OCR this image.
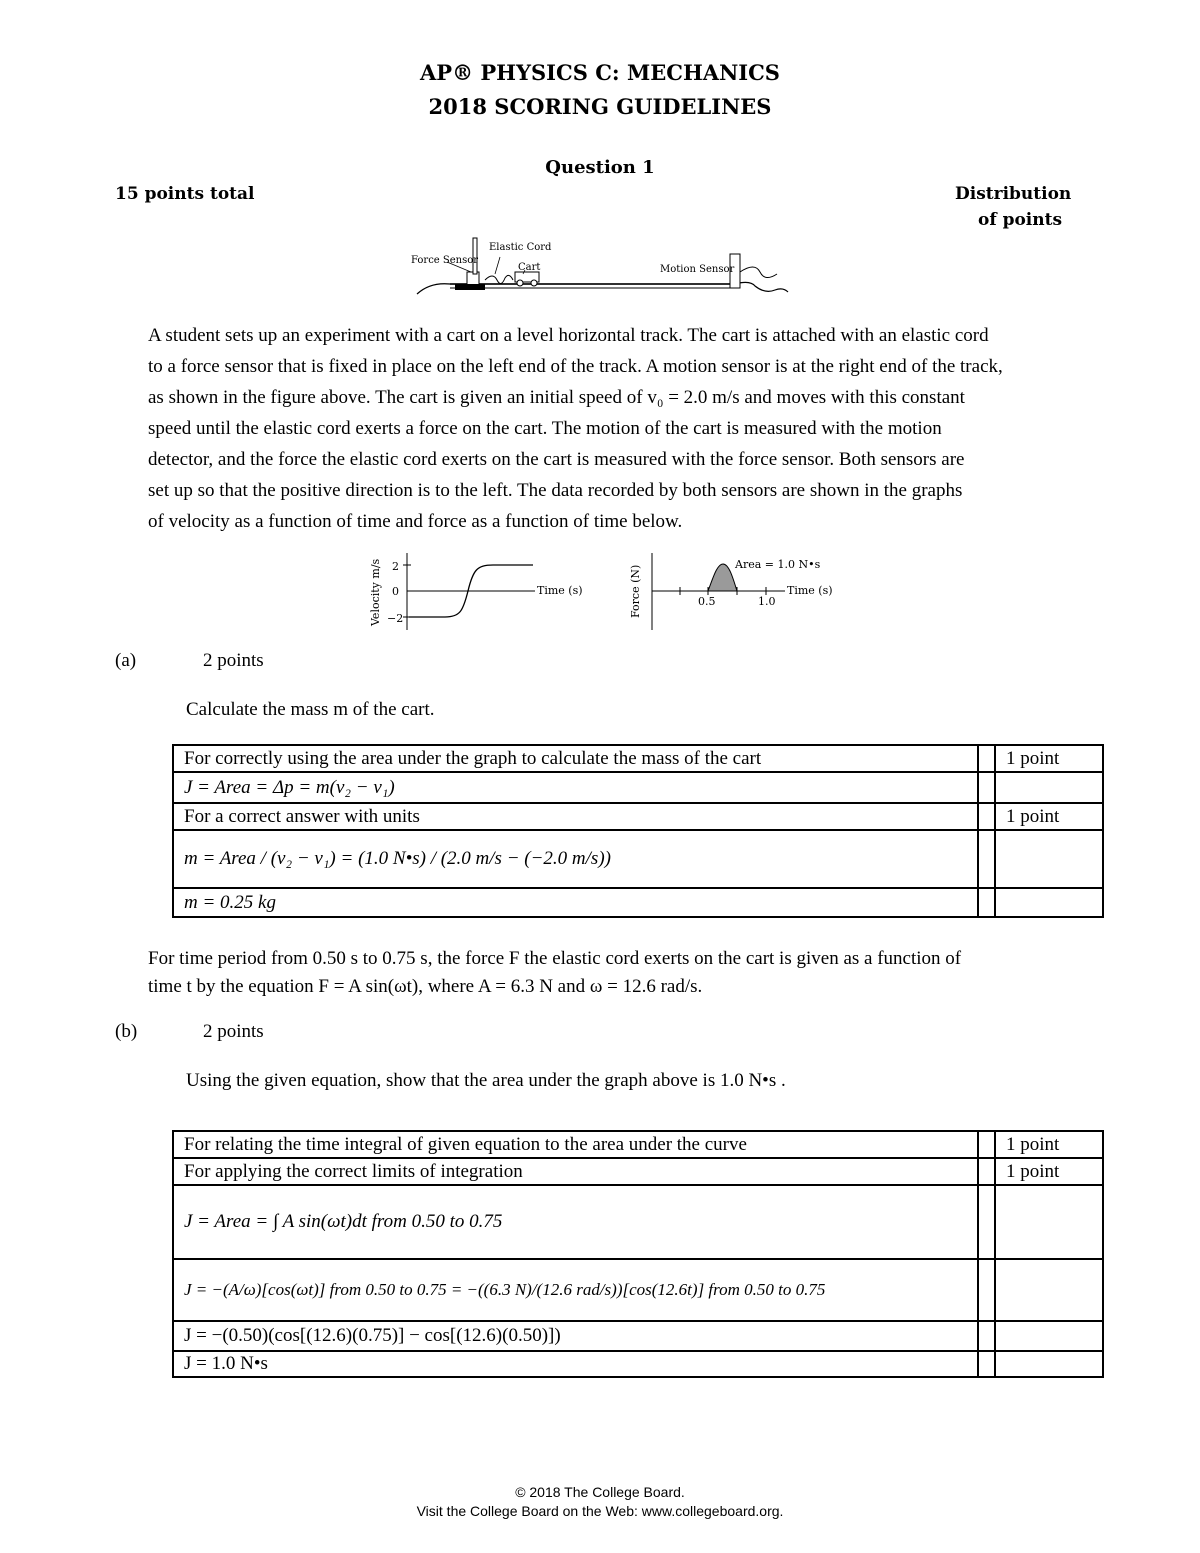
AP® PHYSICS C: MECHANICS
2018 SCORING GUIDELINES
Question 1
15 points total	Distribution
of points
Force Sensor
Elastic Cord
Cart	Motion Sensor
A student sets up an experiment with a cart on a level horizontal track. The cart is attached with an elastic cord
to a force sensor that is fixed in place on the left end of the track. A motion sensor is at the right end of the track,
as shown in the figure above. The cart is given an initial speed of v₀ = 2.0 m/s and moves with this constant
speed until the elastic cord exerts a force on the cart. The motion of the cart is measured with the motion
detector, and the force the elastic cord exerts on the cart is measured with the force sensor. Both sensors are
set up so that the positive direction is to the left. The data recorded by both sensors are shown in the graphs
of velocity as a function of time and force as a function of time below.
2
0
−2
Time (s)
Velocity m/s	0.5	1.0
Area = 1.0 N•s
Time (s)
Force (N)
(a)	2 points
Calculate the mass m of the cart.
For correctly using the area under the graph to calculate the mass of the cart		1 point
J = Area = Δp = m(v₂ − v₁)		
For a correct answer with units		1 point
m = Area / (v₂ − v₁) = (1.0 N•s) / (2.0 m/s − (−2.0 m/s))		
m = 0.25 kg		
For time period from 0.50 s to 0.75 s, the force F the elastic cord exerts on the cart is given as a function of
time t by the equation F = A sin(ωt), where A = 6.3 N and ω = 12.6 rad/s.
(b)	2 points
Using the given equation, show that the area under the graph above is 1.0 N•s .
For relating the time integral of given equation to the area under the curve		1 point
For applying the correct limits of integration		1 point
J = Area = ∫ A sin(ωt)dt from 0.50 to 0.75		
J = −(A/ω)[cos(ωt)] from 0.50 to 0.75 = −((6.3 N)/(12.6 rad/s))[cos(12.6t)] from 0.50 to 0.75		
J = −(0.50)(cos[(12.6)(0.75)] − cos[(12.6)(0.50)])		
J = 1.0 N•s		
© 2018 The College Board.
Visit the College Board on the Web: www.collegeboard.org.
